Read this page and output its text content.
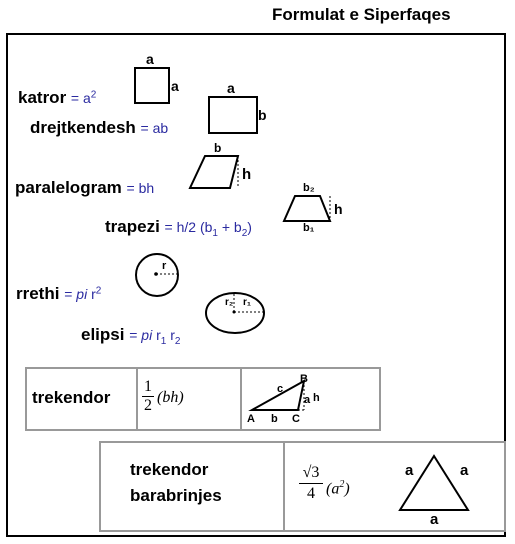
Formulat e Siperfaqes
katror = $a^2$
a
a
drejtkendesh = ab
a
b
paralelogram = bh
b
h
trapezi = h/2 $(b_1 + b_2)$
b₂
h
b₁
rrethi = pi $r^2$
r
elipsi = pi $r_1$ $r_2$
r₂ r₁
trekendor $\frac{1}{2} (bh)$	c
B
a h
A b C
trekendor
barabrinjes	$\frac{√3}{4} (a^2)$
a	a
a
